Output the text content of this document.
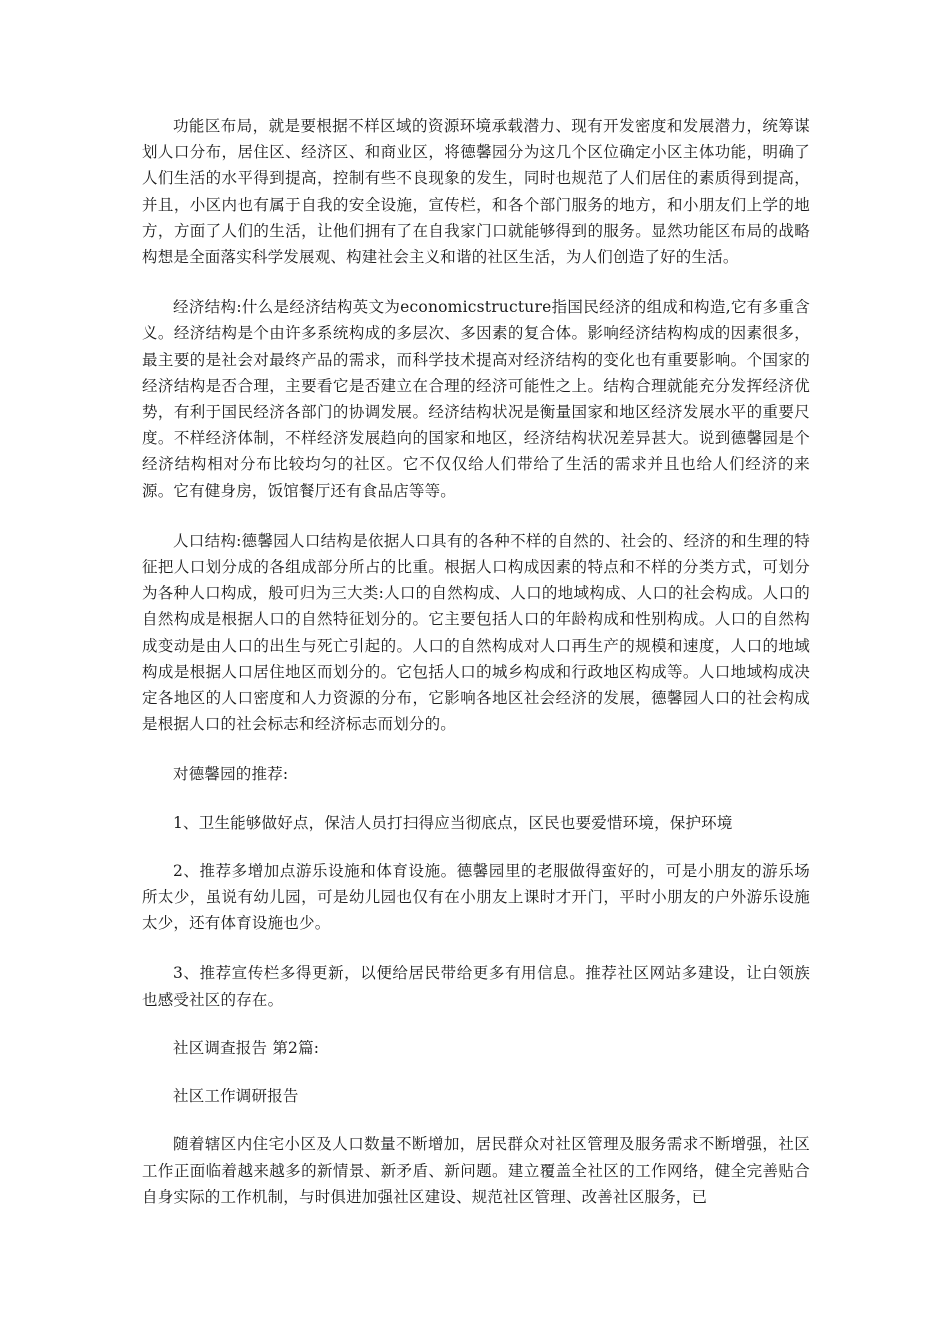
功能区布局，就是要根据不样区域的资源环境承载潜力、现有开发密度和发展潜力，统筹谋划人口分布，居住区、经济区、和商业区，将德馨园分为这几个区位确定小区主体功能，明确了人们生活的水平得到提高，控制有些不良现象的发生，同时也规范了人们居住的素质得到提高，并且，小区内也有属于自我的安全设施，宣传栏，和各个部门服务的地方，和小朋友们上学的地方，方面了人们的生活，让他们拥有了在自我家门口就能够得到的服务。显然功能区布局的战略构想是全面落实科学发展观、构建社会主义和谐的社区生活，为人们创造了好的生活。

经济结构:什么是经济结构英文为economicstructure指国民经济的组成和构造,它有多重含义。经济结构是个由许多系统构成的多层次、多因素的复合体。影响经济结构构成的因素很多，最主要的是社会对最终产品的需求，而科学技术提高对经济结构的变化也有重要影响。个国家的经济结构是否合理，主要看它是否建立在合理的经济可能性之上。结构合理就能充分发挥经济优势，有利于国民经济各部门的协调发展。经济结构状况是衡量国家和地区经济发展水平的重要尺度。不样经济体制，不样经济发展趋向的国家和地区，经济结构状况差异甚大。说到德馨园是个经济结构相对分布比较均匀的社区。它不仅仅给人们带给了生活的需求并且也给人们经济的来源。它有健身房，饭馆餐厅还有食品店等等。

人口结构:德馨园人口结构是依据人口具有的各种不样的自然的、社会的、经济的和生理的特征把人口划分成的各组成部分所占的比重。根据人口构成因素的特点和不样的分类方式，可划分为各种人口构成，般可归为三大类:人口的自然构成、人口的地域构成、人口的社会构成。人口的自然构成是根据人口的自然特征划分的。它主要包括人口的年龄构成和性别构成。人口的自然构成变动是由人口的出生与死亡引起的。人口的自然构成对人口再生产的规模和速度，人口的地域构成是根据人口居住地区而划分的。它包括人口的城乡构成和行政地区构成等。人口地域构成决定各地区的人口密度和人力资源的分布，它影响各地区社会经济的发展，德馨园人口的社会构成是根据人口的社会标志和经济标志而划分的。

对德馨园的推荐:

1、卫生能够做好点，保洁人员打扫得应当彻底点，区民也要爱惜环境，保护环境

2、推荐多增加点游乐设施和体育设施。德馨园里的老服做得蛮好的，可是小朋友的游乐场所太少，虽说有幼儿园，可是幼儿园也仅有在小朋友上课时才开门，平时小朋友的户外游乐设施太少，还有体育设施也少。

3、推荐宣传栏多得更新，以便给居民带给更多有用信息。推荐社区网站多建设，让白领族也感受社区的存在。

社区调查报告 第2篇:

社区工作调研报告

随着辖区内住宅小区及人口数量不断增加，居民群众对社区管理及服务需求不断增强，社区工作正面临着越来越多的新情景、新矛盾、新问题。建立覆盖全社区的工作网络，健全完善贴合自身实际的工作机制，与时俱进加强社区建设、规范社区管理、改善社区服务，已
